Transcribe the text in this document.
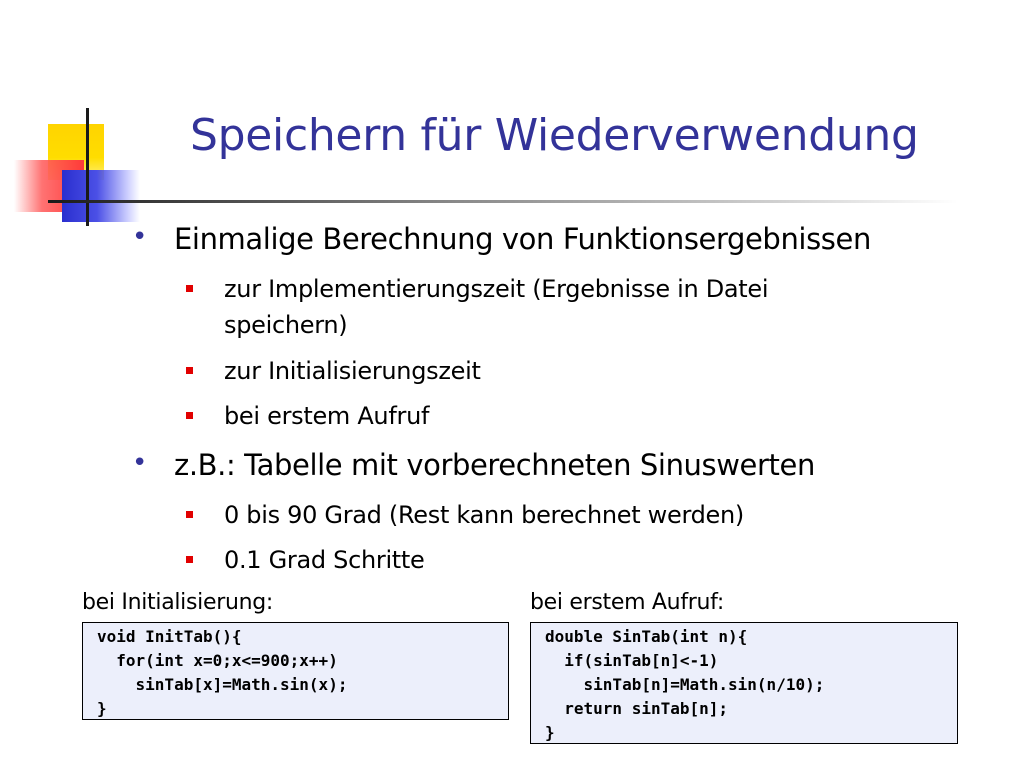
Speichern für Wiederverwendung
• Einmalige Berechnung von Funktionsergebnissen
zur Implementierungszeit (Ergebnisse in Datei
speichern)
zur Initialisierungszeit
bei erstem Aufruf
• z.B.: Tabelle mit vorberechneten Sinuswerten
0 bis 90 Grad (Rest kann berechnet werden)
0.1 Grad Schritte
bei Initialisierung:
void InitTab(){
for(int x=0;x<=900;x++)
sinTab[x]=Math.sin(x);
}
bei erstem Aufruf:
double SinTab(int n){
if(sinTab[n]<-1)
sinTab[n]=Math.sin(n/10);
return sinTab[n];
}
